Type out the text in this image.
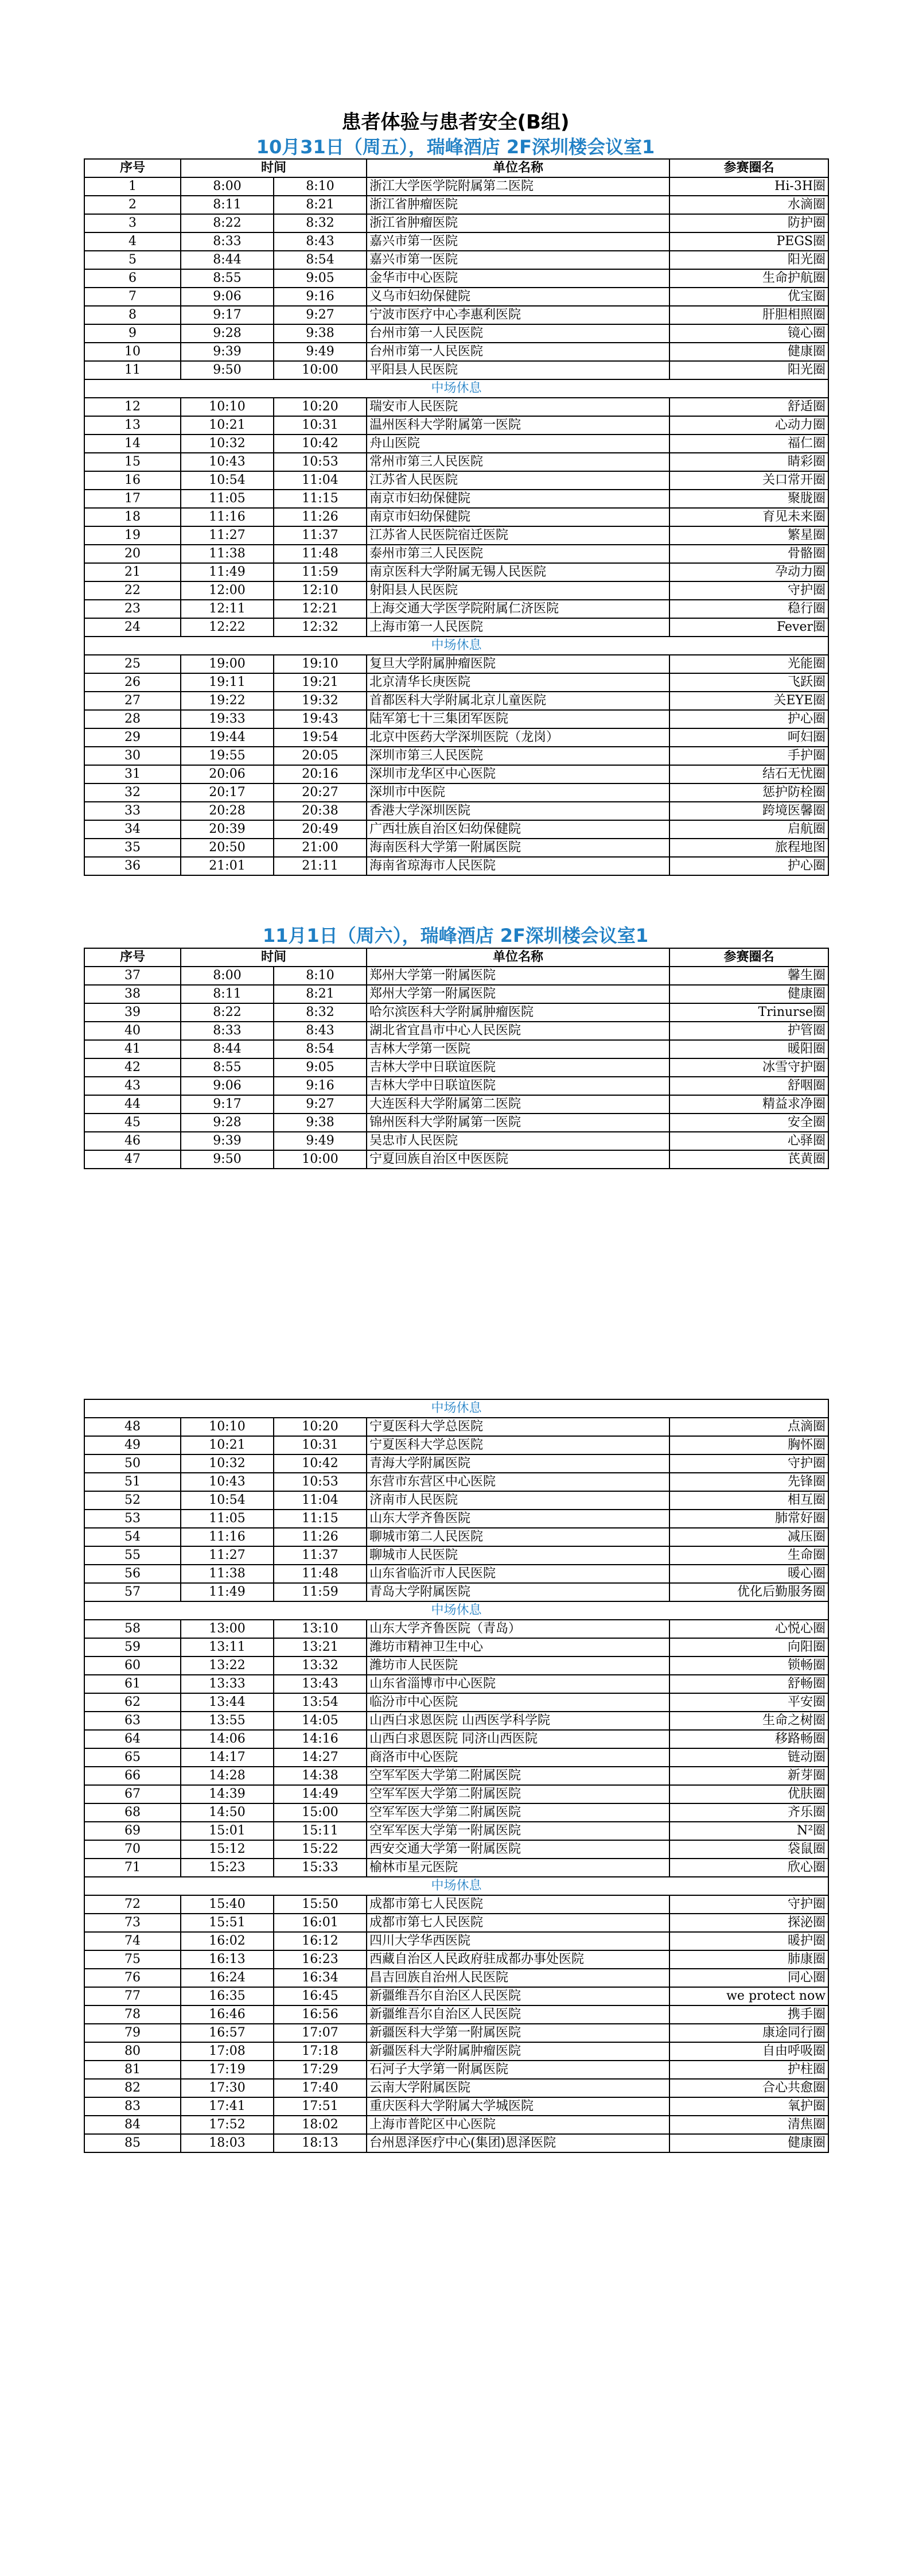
患者体验与患者安全(B组)
10月31日（周五），瑞峰酒店 2F深圳楼会议室1
序号	时间		单位名称	参赛圈名
1	8:00	8:10	浙江大学医学院附属第二医院	Hi-3H圈
2	8:11	8:21	浙江省肿瘤医院	水滴圈
3	8:22	8:32	浙江省肿瘤医院	防护圈
4	8:33	8:43	嘉兴市第一医院	PEGS圈
5	8:44	8:54	嘉兴市第一医院	阳光圈
6	8:55	9:05	金华市中心医院	生命护航圈
7	9:06	9:16	义乌市妇幼保健院	优宝圈
8	9:17	9:27	宁波市医疗中心李惠利医院	肝胆相照圈
9	9:28	9:38	台州市第一人民医院	镜心圈
10	9:39	9:49	台州市第一人民医院	健康圈
11	9:50	10:00	平阳县人民医院	阳光圈
中场休息				
12	10:10	10:20	瑞安市人民医院	舒适圈
13	10:21	10:31	温州医科大学附属第一医院	心动力圈
14	10:32	10:42	舟山医院	福仁圈
15	10:43	10:53	常州市第三人民医院	睛彩圈
16	10:54	11:04	江苏省人民医院	关口常开圈
17	11:05	11:15	南京市妇幼保健院	聚胧圈
18	11:16	11:26	南京市妇幼保健院	育见未来圈
19	11:27	11:37	江苏省人民医院宿迁医院	繁星圈
20	11:38	11:48	泰州市第三人民医院	骨骼圈
21	11:49	11:59	南京医科大学附属无锡人民医院	孕动力圈
22	12:00	12:10	射阳县人民医院	守护圈
23	12:11	12:21	上海交通大学医学院附属仁济医院	稳行圈
24	12:22	12:32	上海市第一人民医院	Fever圈
中场休息				
25	19:00	19:10	复旦大学附属肿瘤医院	光能圈
26	19:11	19:21	北京清华长庚医院	飞跃圈
27	19:22	19:32	首都医科大学附属北京儿童医院	关EYE圈
28	19:33	19:43	陆军第七十三集团军医院	护心圈
29	19:44	19:54	北京中医药大学深圳医院（龙岗）	呵妇圈
30	19:55	20:05	深圳市第三人民医院	手护圈
31	20:06	20:16	深圳市龙华区中心医院	结石无忧圈
32	20:17	20:27	深圳市中医院	惩护防栓圈
33	20:28	20:38	香港大学深圳医院	跨境医馨圈
34	20:39	20:49	广西壮族自治区妇幼保健院	启航圈
35	20:50	21:00	海南医科大学第一附属医院	旅程地图
36	21:01	21:11	海南省琼海市人民医院	护心圈
11月1日（周六），瑞峰酒店 2F深圳楼会议室1
序号	时间		单位名称	参赛圈名
37	8:00	8:10	郑州大学第一附属医院	馨生圈
38	8:11	8:21	郑州大学第一附属医院	健康圈
39	8:22	8:32	哈尔滨医科大学附属肿瘤医院	Trinurse圈
40	8:33	8:43	湖北省宜昌市中心人民医院	护管圈
41	8:44	8:54	吉林大学第一医院	暖阳圈
42	8:55	9:05	吉林大学中日联谊医院	冰雪守护圈
43	9:06	9:16	吉林大学中日联谊医院	舒咽圈
44	9:17	9:27	大连医科大学附属第二医院	精益求净圈
45	9:28	9:38	锦州医科大学附属第一医院	安全圈
46	9:39	9:49	吴忠市人民医院	心驿圈
47	9:50	10:00	宁夏回族自治区中医医院	芪黄圈
中场休息				
48	10:10	10:20	宁夏医科大学总医院	点滴圈
49	10:21	10:31	宁夏医科大学总医院	胸怀圈
50	10:32	10:42	青海大学附属医院	守护圈
51	10:43	10:53	东营市东营区中心医院	先锋圈
52	10:54	11:04	济南市人民医院	相互圈
53	11:05	11:15	山东大学齐鲁医院	肺常好圈
54	11:16	11:26	聊城市第二人民医院	减压圈
55	11:27	11:37	聊城市人民医院	生命圈
56	11:38	11:48	山东省临沂市人民医院	暖心圈
57	11:49	11:59	青岛大学附属医院	优化后勤服务圈
中场休息				
58	13:00	13:10	山东大学齐鲁医院（青岛）	心悦心圈
59	13:11	13:21	潍坊市精神卫生中心	向阳圈
60	13:22	13:32	潍坊市人民医院	锁畅圈
61	13:33	13:43	山东省淄博市中心医院	舒畅圈
62	13:44	13:54	临汾市中心医院	平安圈
63	13:55	14:05	山西白求恩医院 山西医学科学院	生命之树圈
64	14:06	14:16	山西白求恩医院 同济山西医院	移路畅圈
65	14:17	14:27	商洛市中心医院	链动圈
66	14:28	14:38	空军军医大学第二附属医院	新芽圈
67	14:39	14:49	空军军医大学第二附属医院	优肤圈
68	14:50	15:00	空军军医大学第二附属医院	齐乐圈
69	15:01	15:11	空军军医大学第一附属医院	N²圈
70	15:12	15:22	西安交通大学第一附属医院	袋鼠圈
71	15:23	15:33	榆林市星元医院	欣心圈
中场休息				
72	15:40	15:50	成都市第七人民医院	守护圈
73	15:51	16:01	成都市第七人民医院	探泌圈
74	16:02	16:12	四川大学华西医院	暖护圈
75	16:13	16:23	西藏自治区人民政府驻成都办事处医院	肺康圈
76	16:24	16:34	昌吉回族自治州人民医院	同心圈
77	16:35	16:45	新疆维吾尔自治区人民医院	we protect now
78	16:46	16:56	新疆维吾尔自治区人民医院	携手圈
79	16:57	17:07	新疆医科大学第一附属医院	康途同行圈
80	17:08	17:18	新疆医科大学附属肿瘤医院	自由呼吸圈
81	17:19	17:29	石河子大学第一附属医院	护柱圈
82	17:30	17:40	云南大学附属医院	合心共愈圈
83	17:41	17:51	重庆医科大学附属大学城医院	氧护圈
84	17:52	18:02	上海市普陀区中心医院	清焦圈
85	18:03	18:13	台州恩泽医疗中心(集团)恩泽医院	健康圈
